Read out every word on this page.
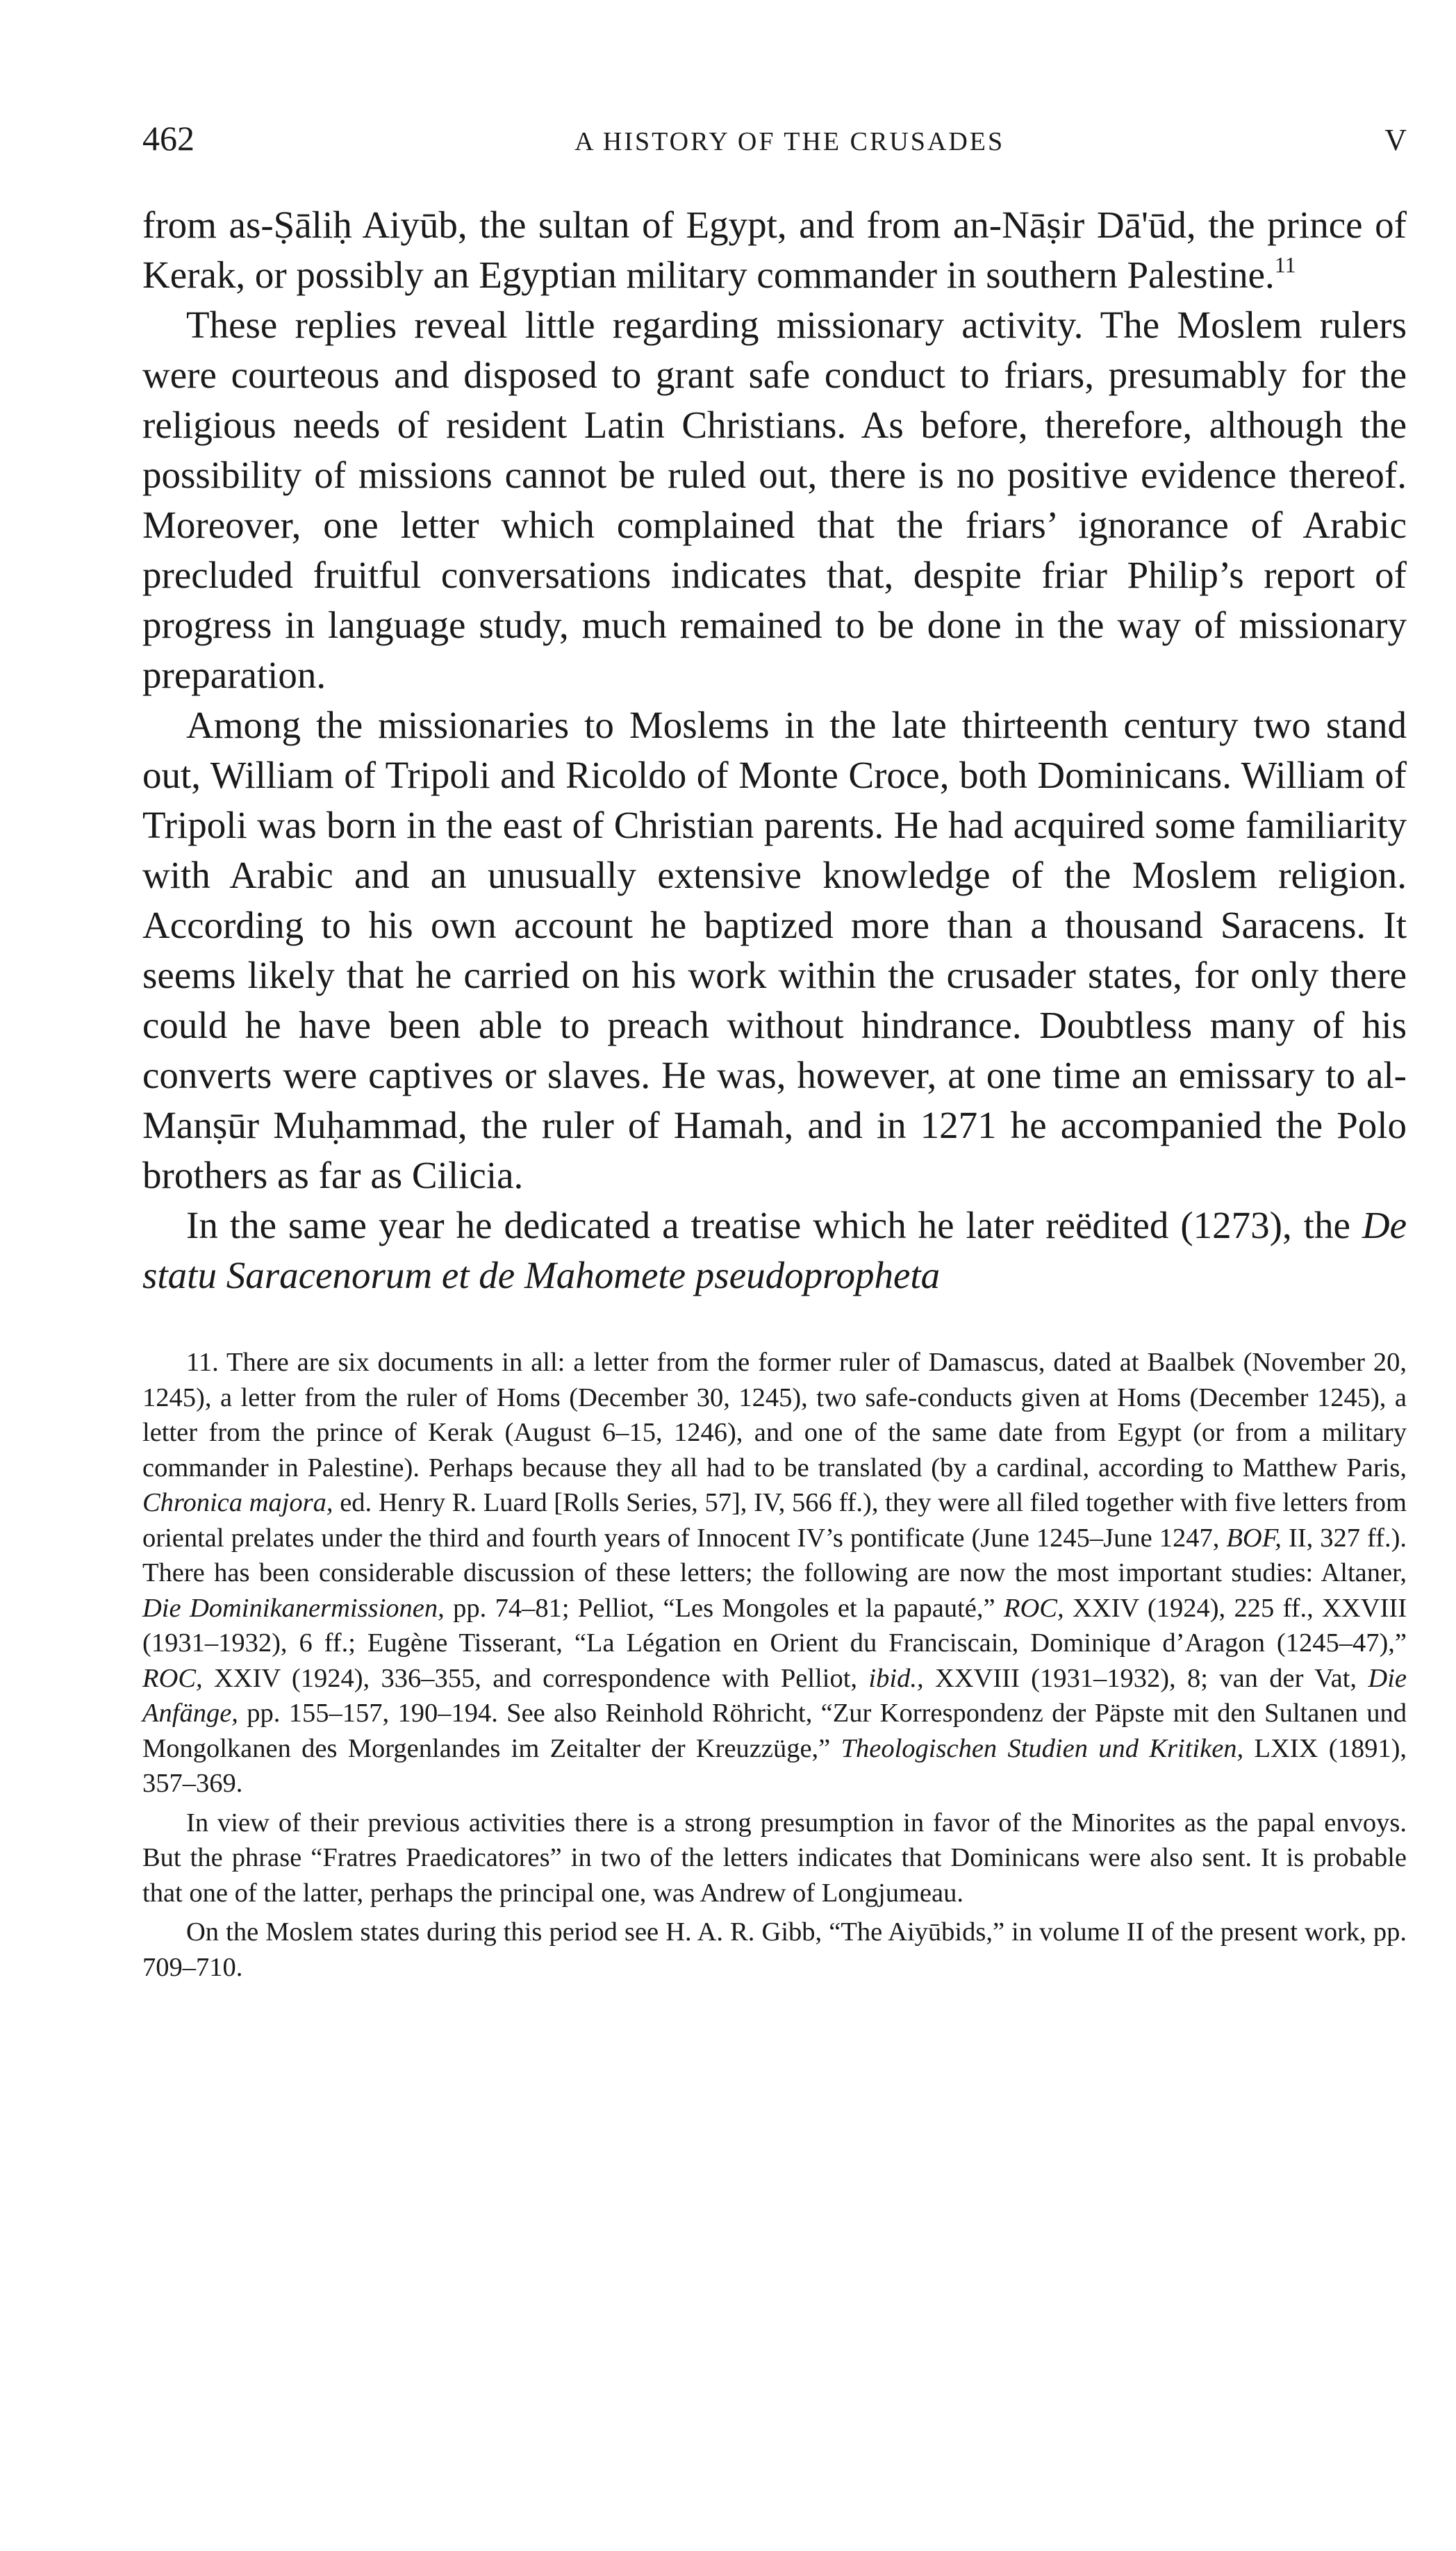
462	A HISTORY OF THE CRUSADES	V

from as-Ṣāliḥ Aiyūb, the sultan of Egypt, and from an-Nāṣir Dā'ūd, the prince of Kerak, or possibly an Egyptian military commander in southern Palestine.$^{11}$

These replies reveal little regarding missionary activity. The Moslem rulers were courteous and disposed to grant safe conduct to friars, presumably for the religious needs of resident Latin Christians. As before, therefore, although the possibility of missions cannot be ruled out, there is no positive evidence thereof. Moreover, one letter which complained that the friars’ ignorance of Arabic precluded fruitful conversations indicates that, despite friar Philip’s report of progress in language study, much remained to be done in the way of missionary preparation.

Among the missionaries to Moslems in the late thirteenth century two stand out, William of Tripoli and Ricoldo of Monte Croce, both Dominicans. William of Tripoli was born in the east of Christian parents. He had acquired some familiarity with Arabic and an unusually extensive knowledge of the Moslem religion. According to his own account he baptized more than a thousand Saracens. It seems likely that he carried on his work within the crusader states, for only there could he have been able to preach without hindrance. Doubtless many of his converts were captives or slaves. He was, however, at one time an emissary to al-Manṣūr Muḥammad, the ruler of Hamah, and in 1271 he accompanied the Polo brothers as far as Cilicia.

In the same year he dedicated a treatise which he later reëdited (1273), the De statu Saracenorum et de Mahomete pseudopropheta

11. There are six documents in all: a letter from the former ruler of Damascus, dated at Baalbek (November 20, 1245), a letter from the ruler of Homs (December 30, 1245), two safe-conducts given at Homs (December 1245), a letter from the prince of Kerak (August 6–15, 1246), and one of the same date from Egypt (or from a military commander in Palestine). Perhaps because they all had to be translated (by a cardinal, according to Matthew Paris, Chronica majora, ed. Henry R. Luard [Rolls Series, 57], IV, 566 ff.), they were all filed together with five letters from oriental prelates under the third and fourth years of Innocent IV’s pontificate (June 1245–June 1247, BOF, II, 327 ff.). There has been considerable discussion of these letters; the following are now the most important studies: Altaner, Die Dominikanermissionen, pp. 74–81; Pelliot, “Les Mongoles et la papauté,” ROC, XXIV (1924), 225 ff., XXVIII (1931–1932), 6 ff.; Eugène Tisserant, “La Légation en Orient du Franciscain, Dominique d’Aragon (1245–47),” ROC, XXIV (1924), 336–355, and correspondence with Pelliot, ibid., XXVIII (1931–1932), 8; van der Vat, Die Anfänge, pp. 155–157, 190–194. See also Reinhold Röhricht, “Zur Korrespondenz der Päpste mit den Sultanen und Mongolkanen des Morgenlandes im Zeitalter der Kreuzzüge,” Theologischen Studien und Kritiken, LXIX (1891), 357–369.

In view of their previous activities there is a strong presumption in favor of the Minorites as the papal envoys. But the phrase “Fratres Praedicatores” in two of the letters indicates that Dominicans were also sent. It is probable that one of the latter, perhaps the principal one, was Andrew of Longjumeau.

On the Moslem states during this period see H. A. R. Gibb, “The Aiyūbids,” in volume II of the present work, pp. 709–710.
